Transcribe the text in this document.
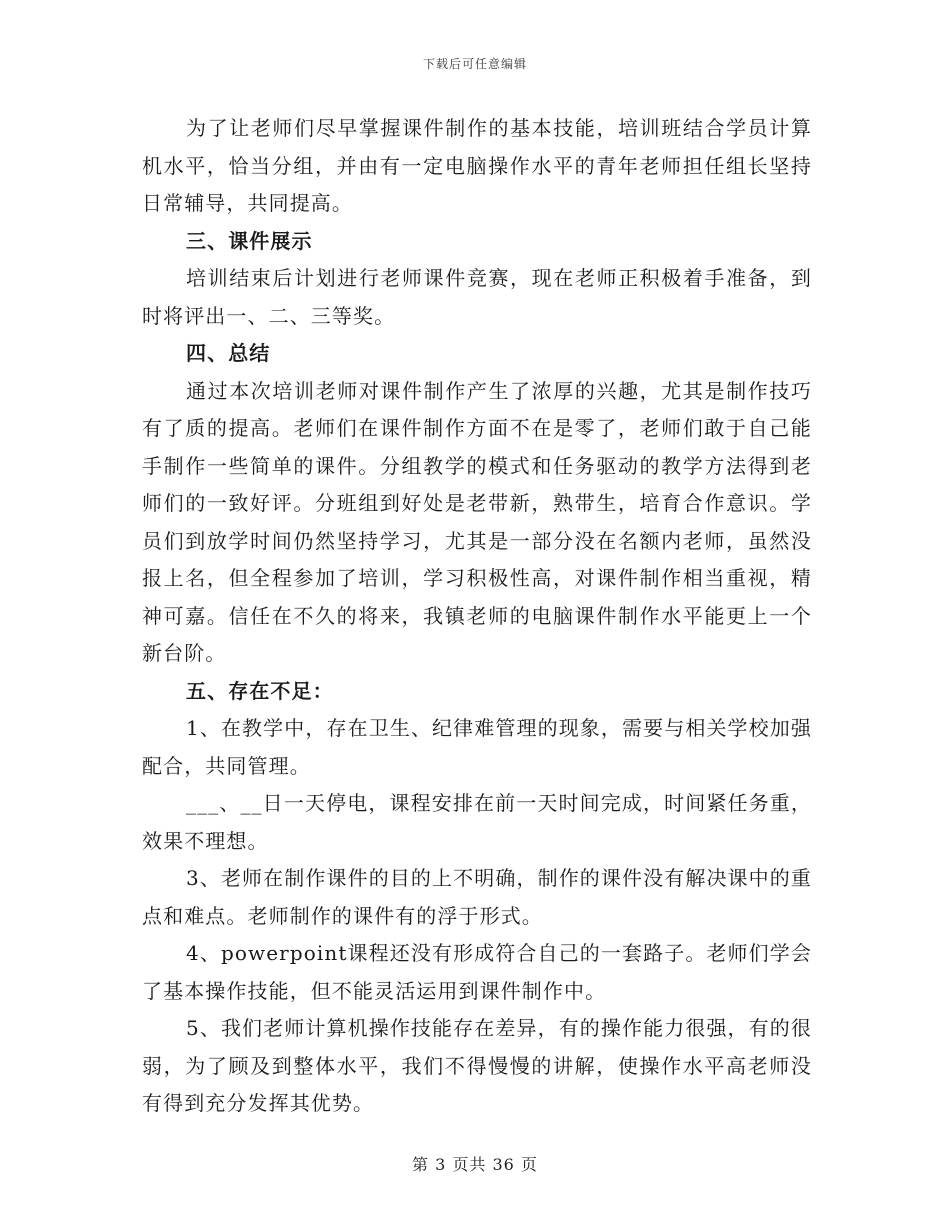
下载后可任意编辑

为了让老师们尽早掌握课件制作的基本技能，培训班结合学员计算机水平，恰当分组，并由有一定电脑操作水平的青年老师担任组长坚持日常辅导，共同提高。

三、课件展示

培训结束后计划进行老师课件竞赛，现在老师正积极着手准备，到时将评出一、二、三等奖。

四、总结

通过本次培训老师对课件制作产生了浓厚的兴趣，尤其是制作技巧有了质的提高。老师们在课件制作方面不在是零了，老师们敢于自己能手制作一些简单的课件。分组教学的模式和任务驱动的教学方法得到老师们的一致好评。分班组到好处是老带新，熟带生，培育合作意识。学员们到放学时间仍然坚持学习，尤其是一部分没在名额内老师，虽然没报上名，但全程参加了培训，学习积极性高，对课件制作相当重视，精神可嘉。信任在不久的将来，我镇老师的电脑课件制作水平能更上一个新台阶。

五、存在不足：

1、在教学中，存在卫生、纪律难管理的现象，需要与相关学校加强配合，共同管理。

___、__日一天停电，课程安排在前一天时间完成，时间紧任务重，效果不理想。

3、老师在制作课件的目的上不明确，制作的课件没有解决课中的重点和难点。老师制作的课件有的浮于形式。

4、powerpoint课程还没有形成符合自己的一套路子。老师们学会了基本操作技能，但不能灵活运用到课件制作中。

5、我们老师计算机操作技能存在差异，有的操作能力很强，有的很弱，为了顾及到整体水平，我们不得慢慢的讲解，使操作水平高老师没有得到充分发挥其优势。

第 3 页共 36 页
